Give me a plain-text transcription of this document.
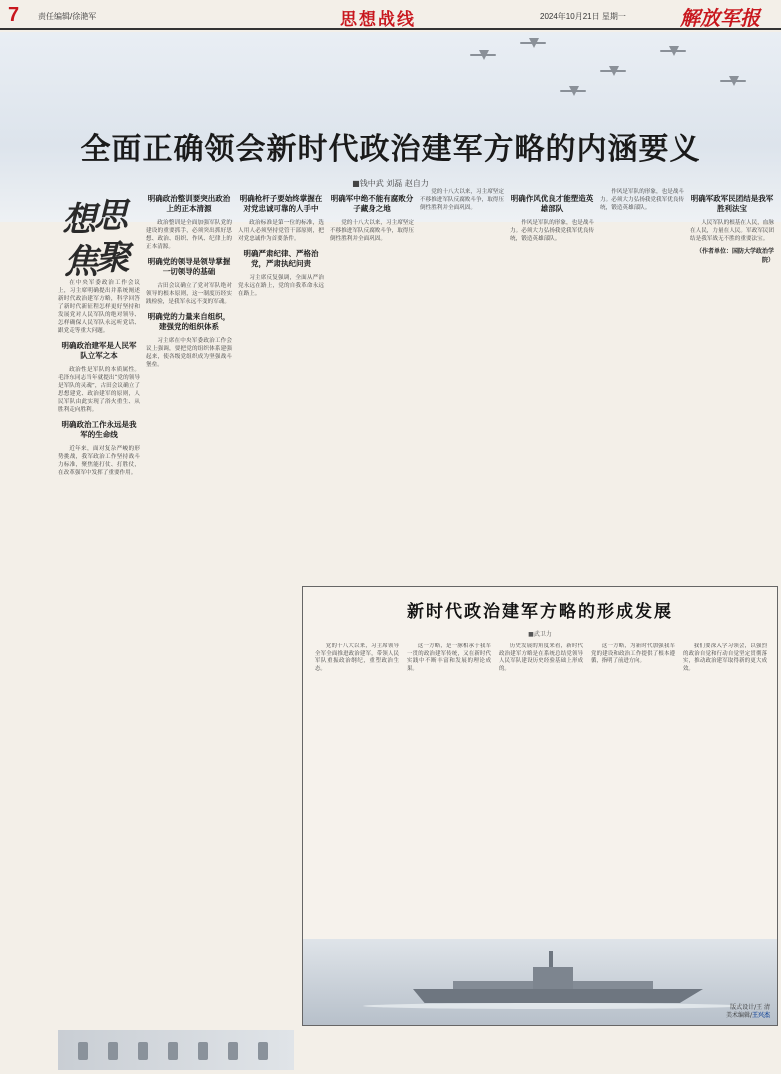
7 责任编辑/徐滟军	思想战线	2024年10月21日 星期一	解放军报
全面正确领会新时代政治建军方略的内涵要义
■钱中武 刘磊 赵自力
思
想
聚
焦

在中央军委政治工作会议上，习主席明确提出并系统阐述新时代政治建军方略，科学回答了新时代新征程怎样更好坚持和发展党对人民军队的绝对领导、怎样确保人民军队永远听党话、跟党走等重大问题。

明确政治建军是人民军队立军之本

政治性是军队的本质属性。毛泽东同志当年就提出“党的领导是军队的灵魂”，古田会议确立了思想建党、政治建军的原则，人民军队由此实现了浴火重生、从胜利走向胜利。

明确政治工作永远是我军的生命线

近年来，面对复杂严峻的形势挑战，我军政治工作坚持战斗力标准，聚焦能打仗、打胜仗，在改革强军中发挥了重要作用。

明确政治整训要突出政治上的正本清源

政治整训是全面加强军队党的建设的重要抓手，必须突出抓好思想、政治、组织、作风、纪律上的正本清源。

明确党的领导是领导掌握一切领导的基础

古田会议确立了党对军队绝对领导的根本原则，这一制度历经实践检验，是我军永远不变的军魂。

明确党的力量来自组织，建强党的组织体系

习主席在中央军委政治工作会议上强调，要把党的组织体系建强起来，使各级党组织成为坚强战斗堡垒。

明确枪杆子要始终掌握在对党忠诚可靠的人手中

政治标准是第一位的标准，选人用人必须坚持党管干部原则，把对党忠诚作为首要条件。

明确严肃纪律、严格治党，严肃执纪问责

习主席反复强调，全面从严治党永远在路上，党的自我革命永远在路上。

明确军中绝不能有腐败分子藏身之地

党的十八大以来，习主席坚定不移推进军队反腐败斗争，取得压倒性胜利并全面巩固。

党的十八大以来，习主席坚定不移推进军队反腐败斗争，取得压倒性胜利并全面巩固。

明确作风优良才能塑造英雄部队

作风是军队的形象，也是战斗力。必须大力弘扬我党我军优良传统，锻造英雄部队。

作风是军队的形象，也是战斗力。必须大力弘扬我党我军优良传统，锻造英雄部队。

明确军政军民团结是我军胜利法宝

人民军队的根基在人民，血脉在人民，力量在人民。军政军民团结是我军战无不胜的重要法宝。

（作者单位：国防大学政治学院）
新时代政治建军方略的形成发展
■武卫力

党的十八大以来，习主席领导全军全面推进政治建军，带领人民军队重振政治纲纪，重塑政治生态。

这一方略，是一脉相承于我军一贯的政治建军传统，又在新时代实践中不断丰富和发展的理论成果。

历史发展的角度来看，新时代政治建军方略是在系统总结党领导人民军队建设历史经验基础上形成的。

这一方略，为新时代加强我军党的建设和政治工作提供了根本遵循，指明了前进方向。

我们要深入学习领会，以强烈的政治自觉和行动自觉坚定贯彻落实，推动政治建军取得新的更大成效。

版式设计/王 清
美术编辑/王兴杰
